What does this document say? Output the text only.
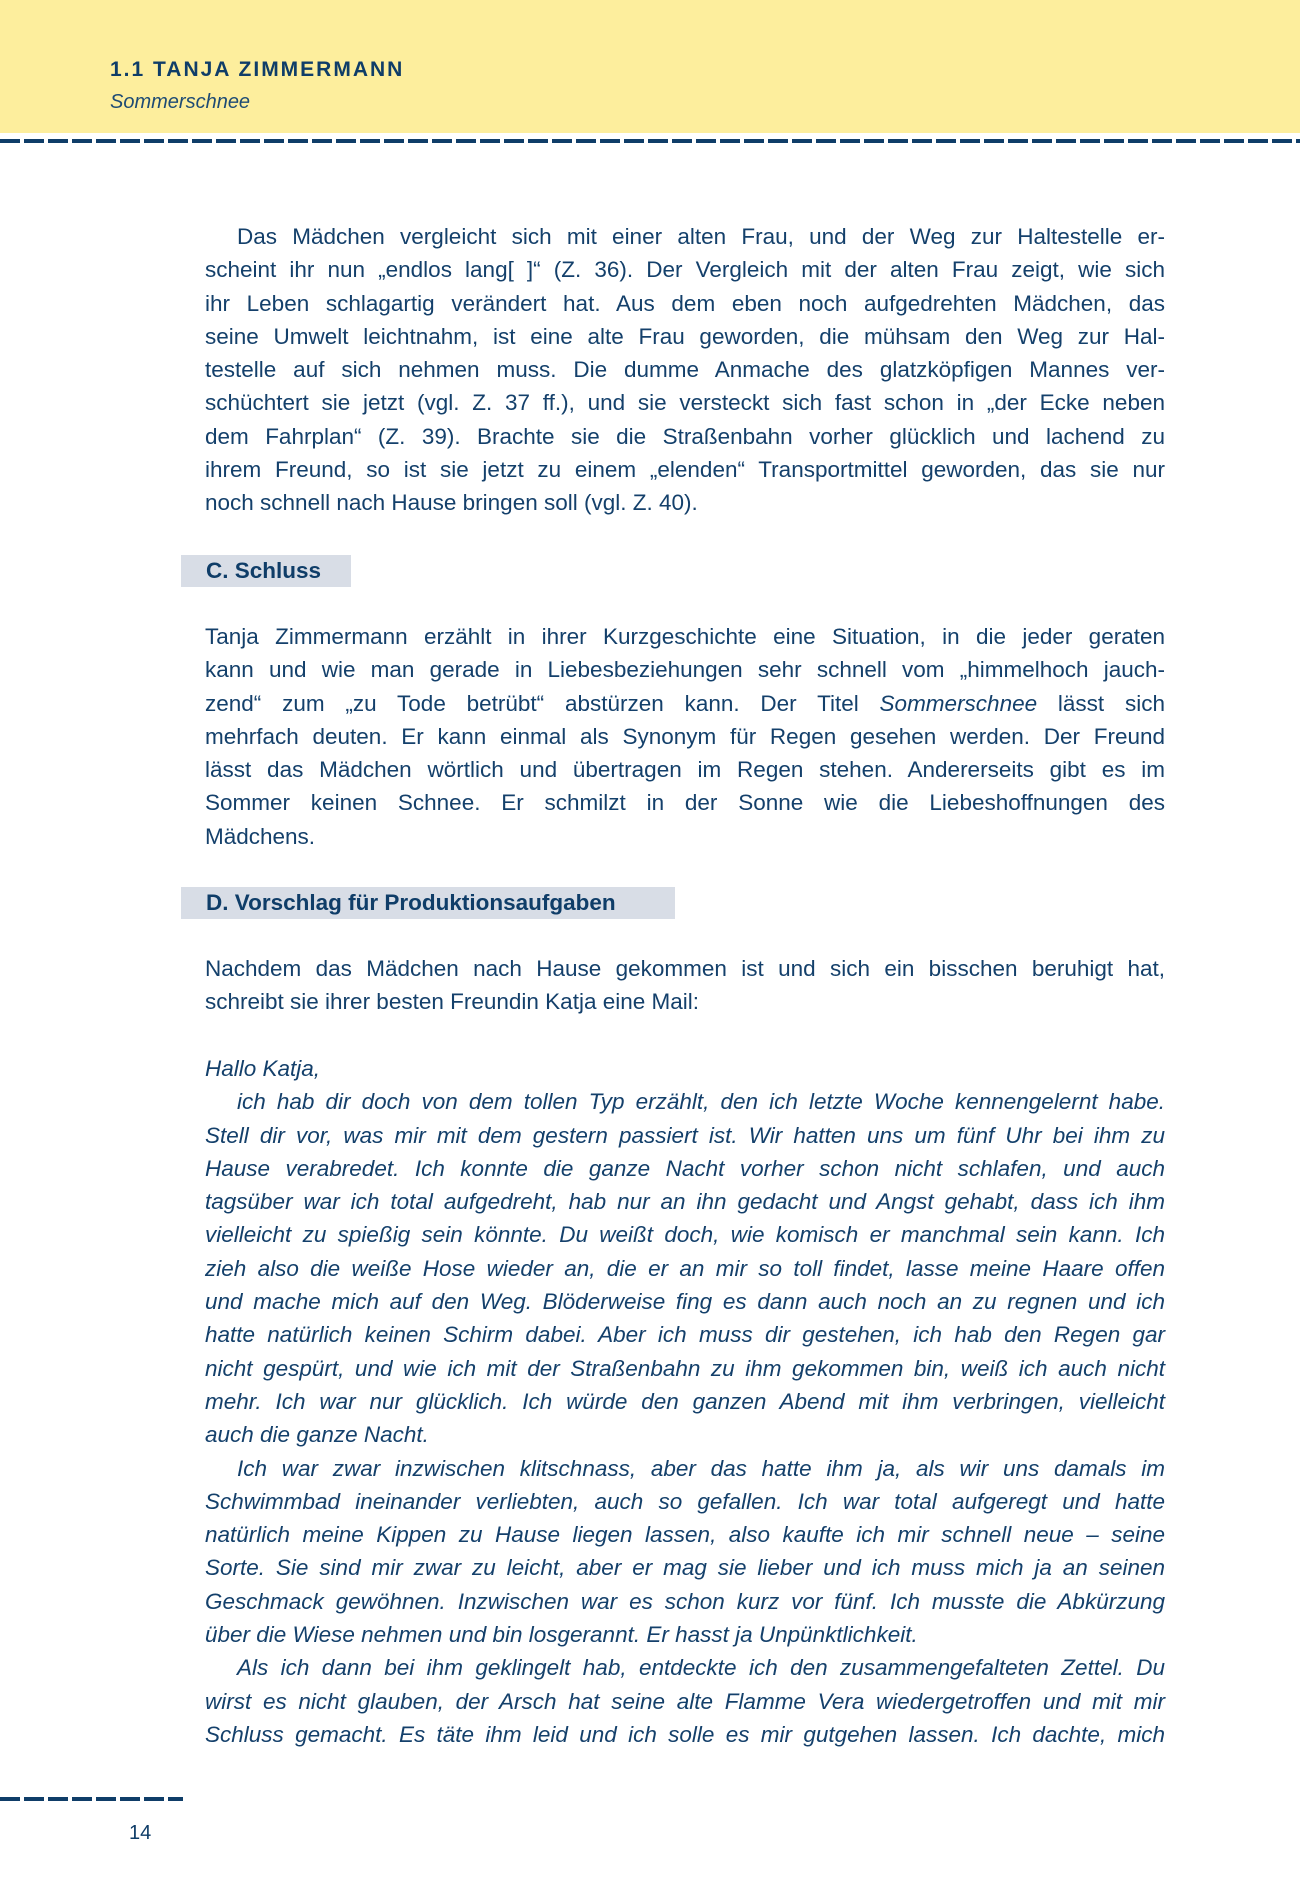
1.1 TANJA ZIMMERMANN
Sommerschnee
Das Mädchen vergleicht sich mit einer alten Frau, und der Weg zur Haltestelle er-
scheint ihr nun „endlos lang[ ]“ (Z. 36). Der Vergleich mit der alten Frau zeigt, wie sich
ihr Leben schlagartig verändert hat. Aus dem eben noch aufgedrehten Mädchen, das
seine Umwelt leichtnahm, ist eine alte Frau geworden, die mühsam den Weg zur Hal-
testelle auf sich nehmen muss. Die dumme Anmache des glatzköpfigen Mannes ver-
schüchtert sie jetzt (vgl. Z. 37 ff.), und sie versteckt sich fast schon in „der Ecke neben
dem Fahrplan“ (Z. 39). Brachte sie die Straßenbahn vorher glücklich und lachend zu
ihrem Freund, so ist sie jetzt zu einem „elenden“ Transportmittel geworden, das sie nur
noch schnell nach Hause bringen soll (vgl. Z. 40).
C. Schluss
Tanja Zimmermann erzählt in ihrer Kurzgeschichte eine Situation, in die jeder geraten
kann und wie man gerade in Liebesbeziehungen sehr schnell vom „himmelhoch jauch-
zend“ zum „zu Tode betrübt“ abstürzen kann. Der Titel Sommerschnee lässt sich
mehrfach deuten. Er kann einmal als Synonym für Regen gesehen werden. Der Freund
lässt das Mädchen wörtlich und übertragen im Regen stehen. Andererseits gibt es im
Sommer keinen Schnee. Er schmilzt in der Sonne wie die Liebeshoffnungen des
Mädchens.
D. Vorschlag für Produktionsaufgaben
Nachdem das Mädchen nach Hause gekommen ist und sich ein bisschen beruhigt hat,
schreibt sie ihrer besten Freundin Katja eine Mail:
Hallo Katja,
ich hab dir doch von dem tollen Typ erzählt, den ich letzte Woche kennengelernt habe.
Stell dir vor, was mir mit dem gestern passiert ist. Wir hatten uns um fünf Uhr bei ihm zu
Hause verabredet. Ich konnte die ganze Nacht vorher schon nicht schlafen, und auch
tagsüber war ich total aufgedreht, hab nur an ihn gedacht und Angst gehabt, dass ich ihm
vielleicht zu spießig sein könnte. Du weißt doch, wie komisch er manchmal sein kann. Ich
zieh also die weiße Hose wieder an, die er an mir so toll findet, lasse meine Haare offen
und mache mich auf den Weg. Blöderweise fing es dann auch noch an zu regnen und ich
hatte natürlich keinen Schirm dabei. Aber ich muss dir gestehen, ich hab den Regen gar
nicht gespürt, und wie ich mit der Straßenbahn zu ihm gekommen bin, weiß ich auch nicht
mehr. Ich war nur glücklich. Ich würde den ganzen Abend mit ihm verbringen, vielleicht
auch die ganze Nacht.
Ich war zwar inzwischen klitschnass, aber das hatte ihm ja, als wir uns damals im
Schwimmbad ineinander verliebten, auch so gefallen. Ich war total aufgeregt und hatte
natürlich meine Kippen zu Hause liegen lassen, also kaufte ich mir schnell neue – seine
Sorte. Sie sind mir zwar zu leicht, aber er mag sie lieber und ich muss mich ja an seinen
Geschmack gewöhnen. Inzwischen war es schon kurz vor fünf. Ich musste die Abkürzung
über die Wiese nehmen und bin losgerannt. Er hasst ja Unpünktlichkeit.
Als ich dann bei ihm geklingelt hab, entdeckte ich den zusammengefalteten Zettel. Du
wirst es nicht glauben, der Arsch hat seine alte Flamme Vera wiedergetroffen und mit mir
Schluss gemacht. Es täte ihm leid und ich solle es mir gutgehen lassen. Ich dachte, mich
14
